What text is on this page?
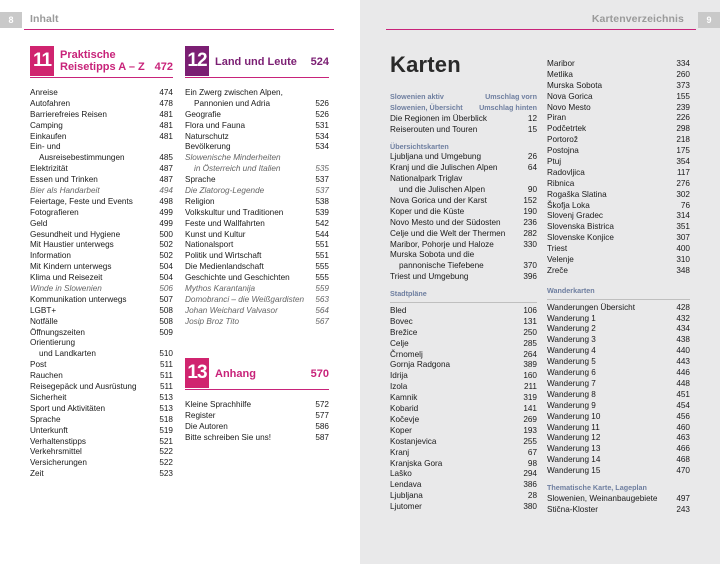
8	Inhalt
11 Praktische
Reisetipps A – Z 472
Anreise	474
Autofahren	478
Barrierefreies Reisen	481
Camping	481
Einkaufen	481
Ein- und
Ausreisebestimmungen	485
Elektrizität	487
Essen und Trinken	487
Bier als Handarbeit	494
Feiertage, Feste und Events	498
Fotografieren	499
Geld	499
Gesundheit und Hygiene	500
Mit Haustier unterwegs	502
Information	502
Mit Kindern unterwegs	504
Klima und Reisezeit	504
Winde in Slowenien	506
Kommunikation unterwegs	507
LGBT+	508
Notfälle	508
Öffnungszeiten	509
Orientierung
und Landkarten	510
Post	511
Rauchen	511
Reisegepäck und Ausrüstung	511
Sicherheit	513
Sport und Aktivitäten	513
Sprache	518
Unterkunft	519
Verhaltenstipps	521
Verkehrsmittel	522
Versicherungen	522
Zeit	523
12 Land und Leute 524
Ein Zwerg zwischen Alpen,
Pannonien und Adria	526
Geografie	526
Flora und Fauna	531
Naturschutz	534
Bevölkerung	534
Slowenische Minderheiten
in Österreich und Italien	535
Sprache	537
Die Zlatorog-Legende	537
Religion	538
Volkskultur und Traditionen	539
Feste und Wallfahrten	542
Kunst und Kultur	544
Nationalsport	551
Politik und Wirtschaft	551
Die Medienlandschaft	555
Geschichte und Geschichten	555
Mythos Karantanija	559
Domobranci – die Weißgardisten 563
Johan Weichard Valvasor	564
Josip Broz Tito	567
13 Anhang	570
Kleine Sprachhilfe	572
Register	577
Die Autoren	586
Bitte schreiben Sie uns!	587
Kartenverzeichnis	9
Karten
Slowenien aktiv	Umschlag vorn
Slowenien, Übersicht Umschlag hinten
Die Regionen im Überblick	12
Reiserouten und Touren	15
Übersichtskarten
Ljubljana und Umgebung	26
Kranj und die Julischen Alpen	64
Nationalpark Triglav
und die Julischen Alpen	90
Nova Gorica und der Karst	152
Koper und die Küste	190
Novo Mesto und der Südosten	236
Celje und die Welt der Thermen 282
Maribor, Pohorje und Haloze	330
Murska Sobota und die
pannonische Tiefebene	370
Triest und Umgebung	396
Stadtpläne
Bled	106
Bovec	131
Brežice	250
Celje	285
Črnomelj	264
Gornja Radgona	389
Idrija	160
Izola	211
Kamnik	319
Kobarid	141
Kočevje	269
Koper	193
Kostanjevica	255
Kranj	67
Kranjska Gora	98
Laško	294
Lendava	386
Ljubljana	28
Ljutomer	380
Maribor	334
Metlika	260
Murska Sobota	373
Nova Gorica	155
Novo Mesto	239
Piran	226
Podčetrtek	298
Portorož	218
Postojna	175
Ptuj	354
Radovljica	117
Ribnica	276
Rogaška Slatina	302
Škofja Loka	76
Slovenj Gradec	314
Slovenska Bistrica	351
Slovenske Konjice	307
Triest	400
Velenje	310
Zreče	348
Wanderkarten
Wanderungen Übersicht	428
Wanderung 1	432
Wanderung 2	434
Wanderung 3	438
Wanderung 4	440
Wanderung 5	443
Wanderung 6	446
Wanderung 7	448
Wanderung 8	451
Wanderung 9	454
Wanderung 10	456
Wanderung 11	460
Wanderung 12	463
Wanderung 13	466
Wanderung 14	468
Wanderung 15	470
Thematische Karte, Lageplan
Slowenien, Weinanbaugebiete 497
Stična-Kloster	243
